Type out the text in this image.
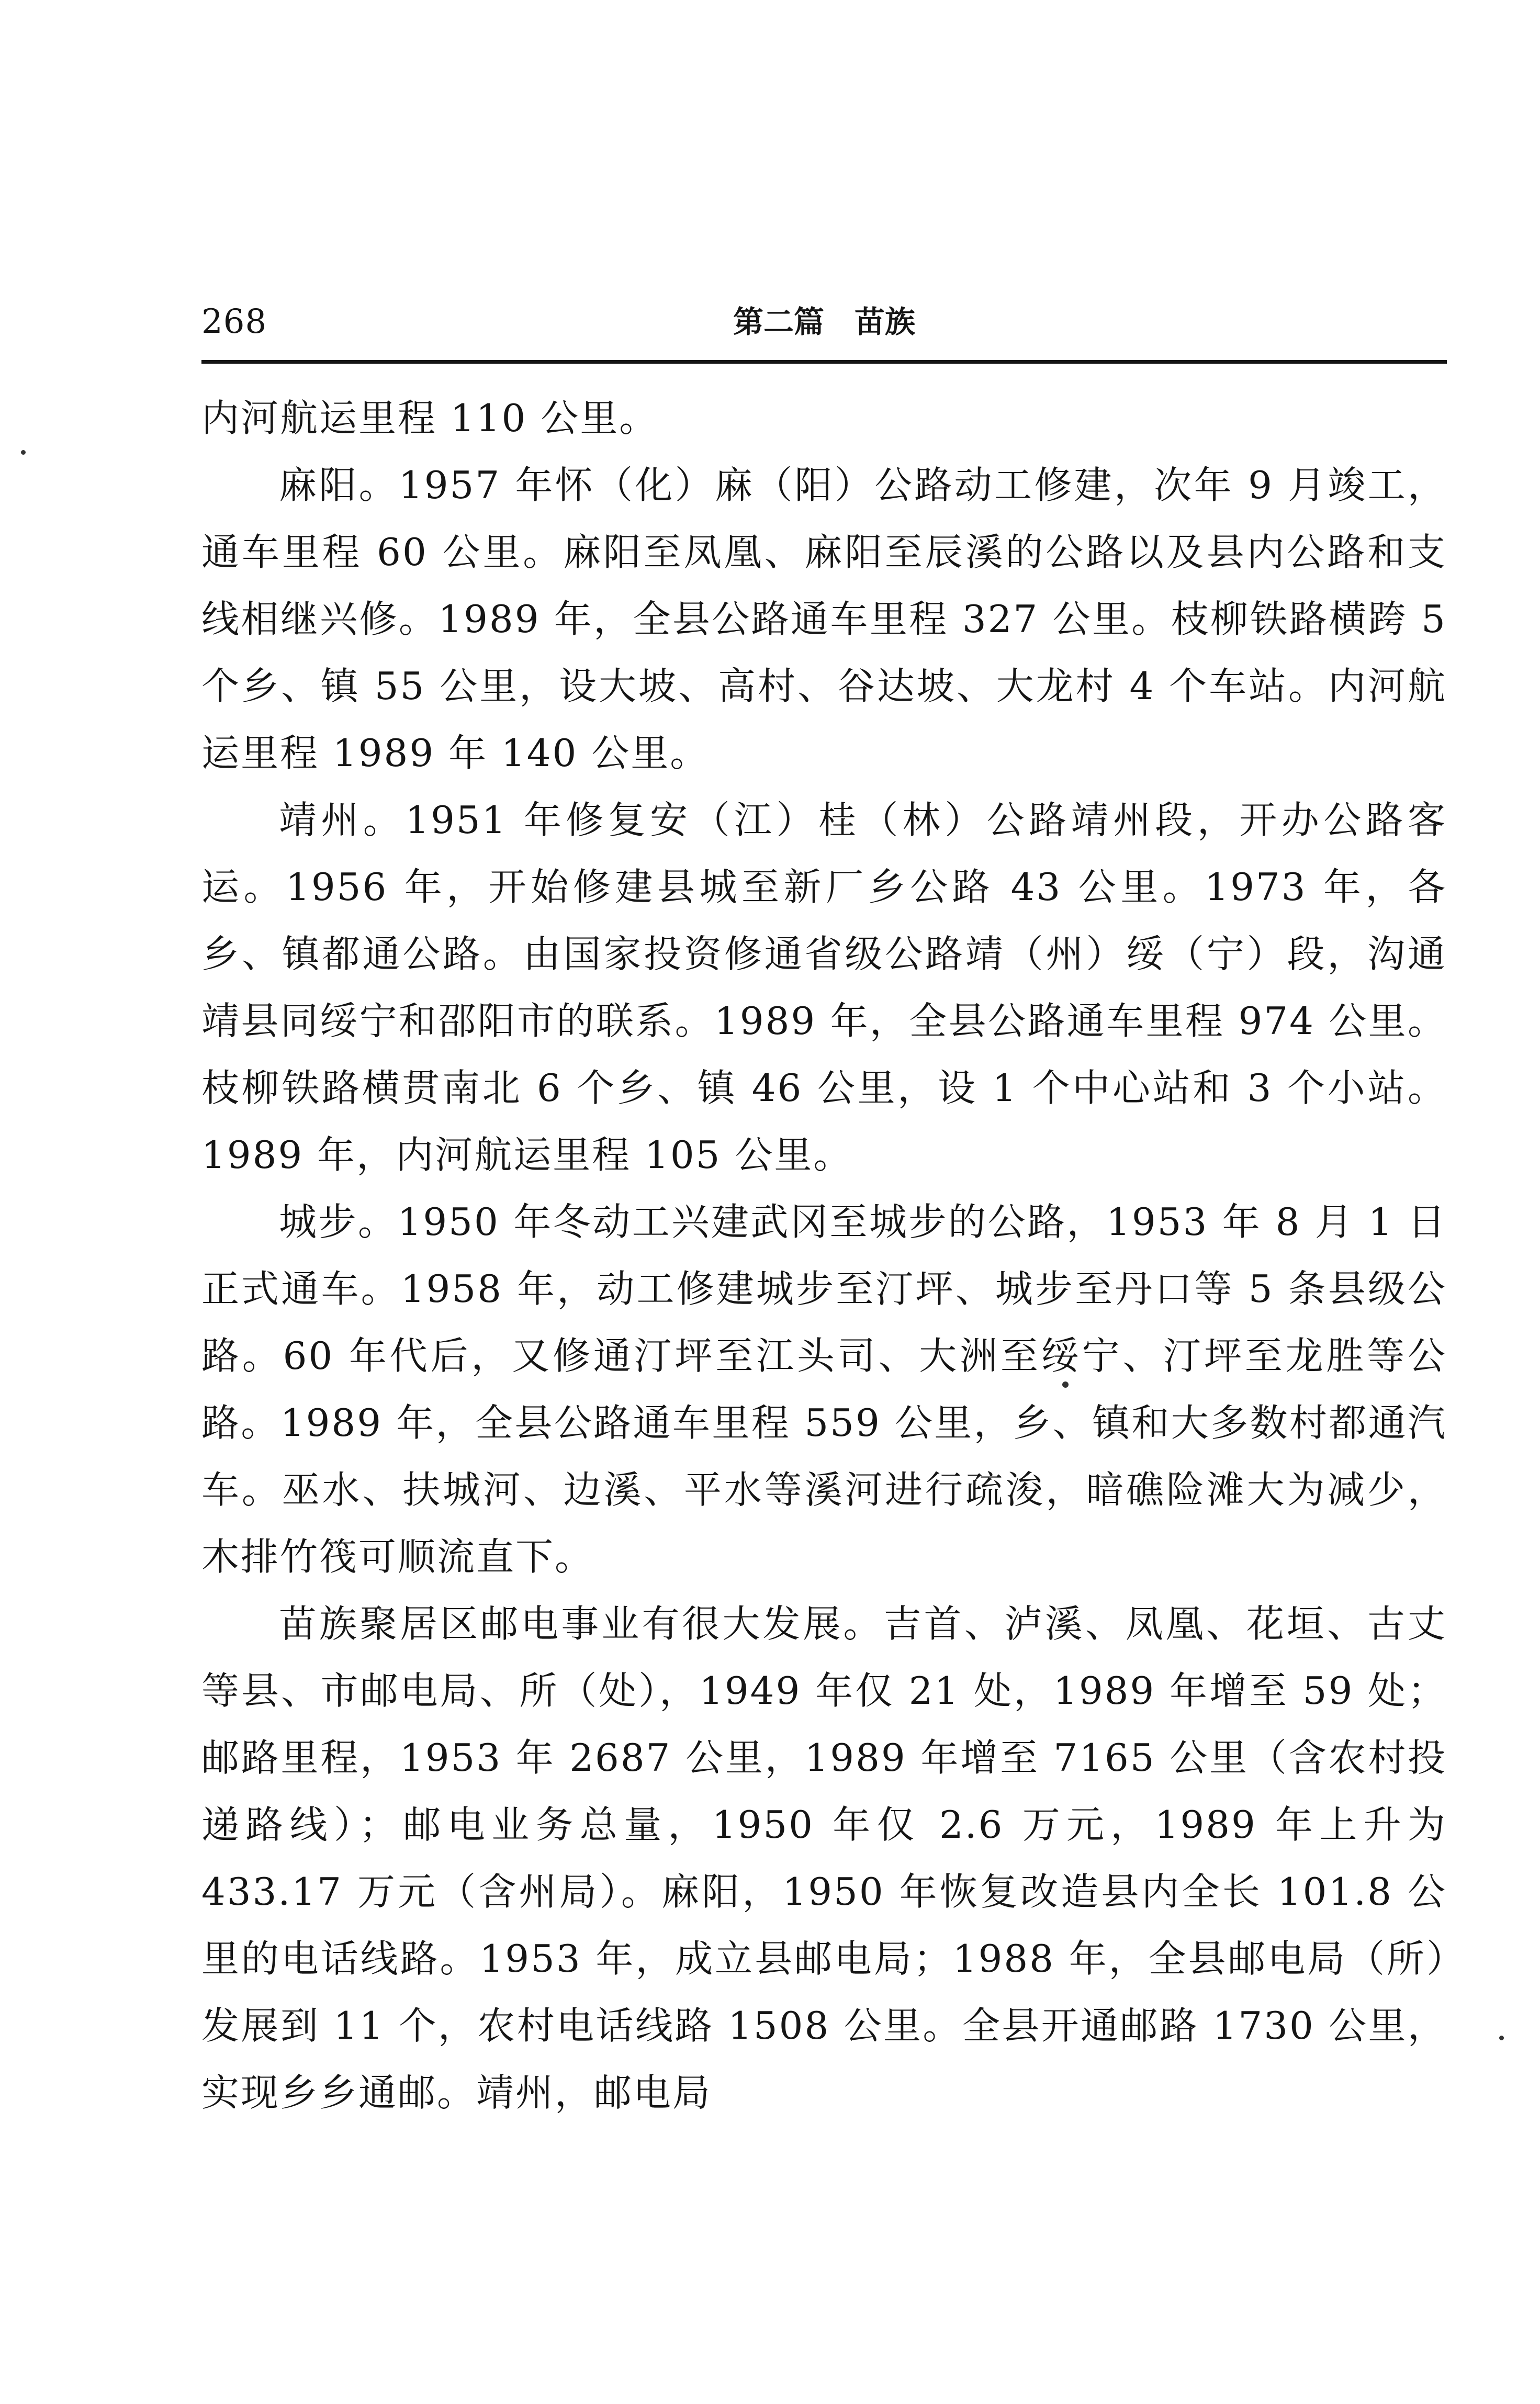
268	第二篇　苗族

内河航运里程 110 公里。

麻阳。1957 年怀（化）麻（阳）公路动工修建，次年 9 月竣工，通车里程 60 公里。麻阳至凤凰、麻阳至辰溪的公路以及县内公路和支线相继兴修。1989 年，全县公路通车里程 327 公里。枝柳铁路横跨 5 个乡、镇 55 公里，设大坡、高村、谷达坡、大龙村 4 个车站。内河航运里程 1989 年 140 公里。

靖州。1951 年修复安（江）桂（林）公路靖州段，开办公路客运。1956 年，开始修建县城至新厂乡公路 43 公里。1973 年，各乡、镇都通公路。由国家投资修通省级公路靖（州）绥（宁）段，沟通靖县同绥宁和邵阳市的联系。1989 年，全县公路通车里程 974 公里。枝柳铁路横贯南北 6 个乡、镇 46 公里，设 1 个中心站和 3 个小站。1989 年，内河航运里程 105 公里。

城步。1950 年冬动工兴建武冈至城步的公路，1953 年 8 月 1 日正式通车。1958 年，动工修建城步至汀坪、城步至丹口等 5 条县级公路。60 年代后，又修通汀坪至江头司、大洲至绥宁、汀坪至龙胜等公路。1989 年，全县公路通车里程 559 公里，乡、镇和大多数村都通汽车。巫水、扶城河、边溪、平水等溪河进行疏浚，暗礁险滩大为减少，木排竹筏可顺流直下。

苗族聚居区邮电事业有很大发展。吉首、泸溪、凤凰、花垣、古丈等县、市邮电局、所（处），1949 年仅 21 处，1989 年增至 59 处；邮路里程，1953 年 2687 公里，1989 年增至 7165 公里（含农村投递路线）；邮电业务总量，1950 年仅 2.6 万元，1989 年上升为 433.17 万元（含州局）。麻阳，1950 年恢复改造县内全长 101.8 公里的电话线路。1953 年，成立县邮电局；1988 年，全县邮电局（所）发展到 11 个，农村电话线路 1508 公里。全县开通邮路 1730 公里，实现乡乡通邮。靖州，邮电局
